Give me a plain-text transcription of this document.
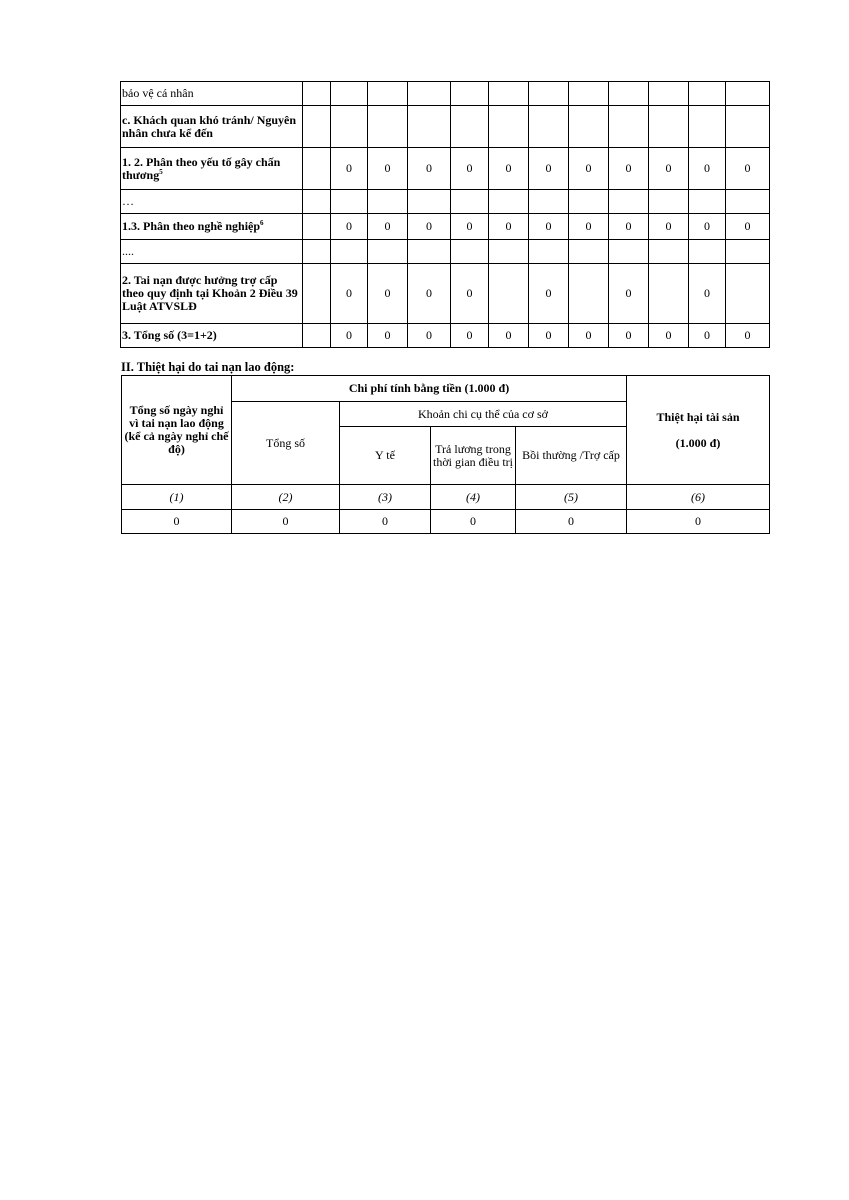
bảo vệ cá nhân												
c. Khách quan khó tránh/ Nguyên nhân chưa kể đến												
1. 2. Phân theo yếu tố gây chấn thương$^5$		0	0	0	0	0	0	0	0	0	0	0
…												
1.3. Phân theo nghề nghiệp$^6$		0	0	0	0	0	0	0	0	0	0	0
....												
2. Tai nạn được hưởng trợ cấp theo quy định tại Khoản 2 Điều 39 Luật ATVSLĐ		0	0	0	0		0		0		0	
3. Tổng số (3=1+2)		0	0	0	0	0	0	0	0	0	0	0

II. Thiệt hại do tai nạn lao động:

Tổng số ngày nghỉ vì tai nạn lao động (kể cả ngày nghỉ chế độ)	Chi phí tính bằng tiền (1.000 đ)				Thiệt hại tài sản

(1.000 đ)
	Tổng số	Khoản chi cụ thể của cơ sở			
		Y tế	Trả lương trong thời gian điều trị	Bồi thường /Trợ cấp	
(1)	(2)	(3)	(4)	(5)	(6)
0	0	0	0	0	0
